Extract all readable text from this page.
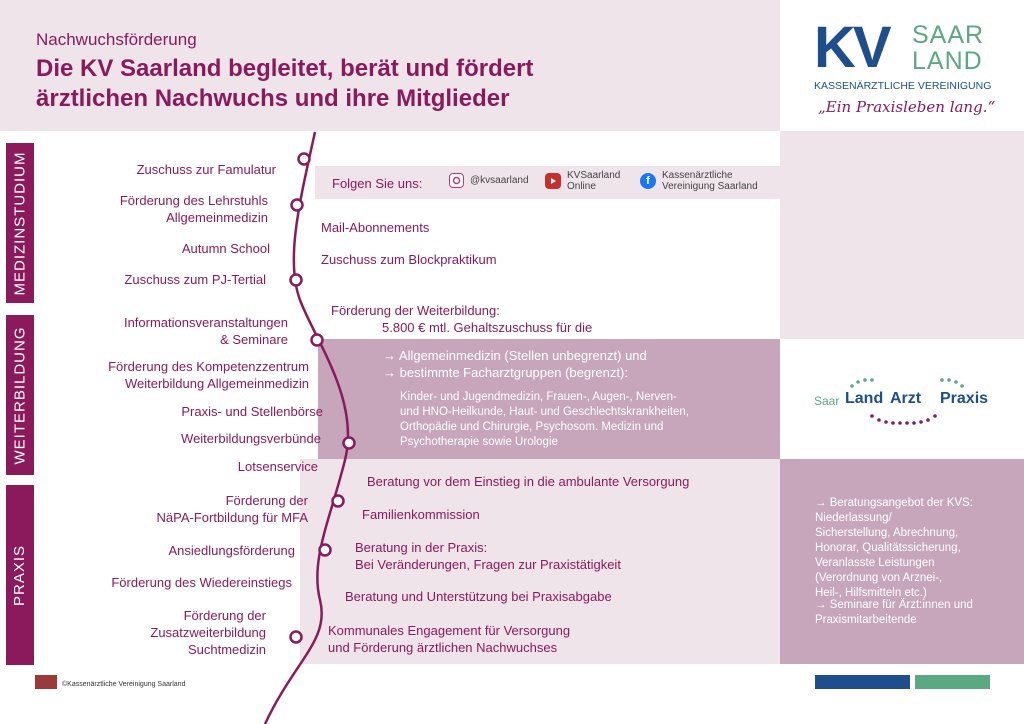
Nachwuchsförderung
Die KV Saarland begleitet, berät und fördert
ärztlichen Nachwuchs und ihre Mitglieder
KV SAAR
LAND
KASSENÄRZTLICHE VEREINIGUNG
„Ein Praxisleben lang.“
MEDIZINSTUDIUM
WEITERBILDUNG
PRAXIS
Zuschuss zur Famulatur
Förderung des Lehrstuhls
Allgemeinmedizin
Autumn School
Zuschuss zum PJ-Tertial
Informationsveranstaltungen
& Seminare
Förderung des Kompetenzzentrum
Weiterbildung Allgemeinmedizin
Praxis- und Stellenbörse
Weiterbildungsverbünde
Lotsenservice
Förderung der
NäPA-Fortbildung für MFA
Ansiedlungsförderung
Förderung des Wiedereinstiegs
Förderung der
Zusatzweiterbildung
Suchtmedizin
Folgen Sie uns:	@kvsaarland	KVSaarland
Online	f Kassenärztliche
Vereinigung Saarland
Mail-Abonnements
Zuschuss zum Blockpraktikum
Förderung der Weiterbildung:
5.800 € mtl. Gehaltszuschuss für die
→ Allgemeinmedizin (Stellen unbegrenzt) und
→ bestimmte Facharztgruppen (begrenzt):
Kinder- und Jugendmedizin, Frauen-, Augen-, Nerven-
und HNO-Heilkunde, Haut- und Geschlechtskrankheiten,
Orthopädie und Chirurgie, Psychosom. Medizin und
Psychotherapie sowie Urologie
Beratung vor dem Einstieg in die ambulante Versorgung
Familienkommission
Beratung in der Praxis:
Bei Veränderungen, Fragen zur Praxistätigkeit
Beratung und Unterstützung bei Praxisabgabe
Kommunales Engagement für Versorgung
und Förderung ärztlichen Nachwuchses
Saar Land Arzt Praxis
→ Beratungsangebot der KVS:
Niederlassung/
Sicherstellung, Abrechnung,
Honorar, Qualitätssicherung,
Veranlasste Leistungen
(Verordnung von Arznei-,
Heil-, Hilfsmitteln etc.)
→ Seminare für Ärzt:innen und
Praxismitarbeitende
©Kassenärztliche Vereinigung Saarland
